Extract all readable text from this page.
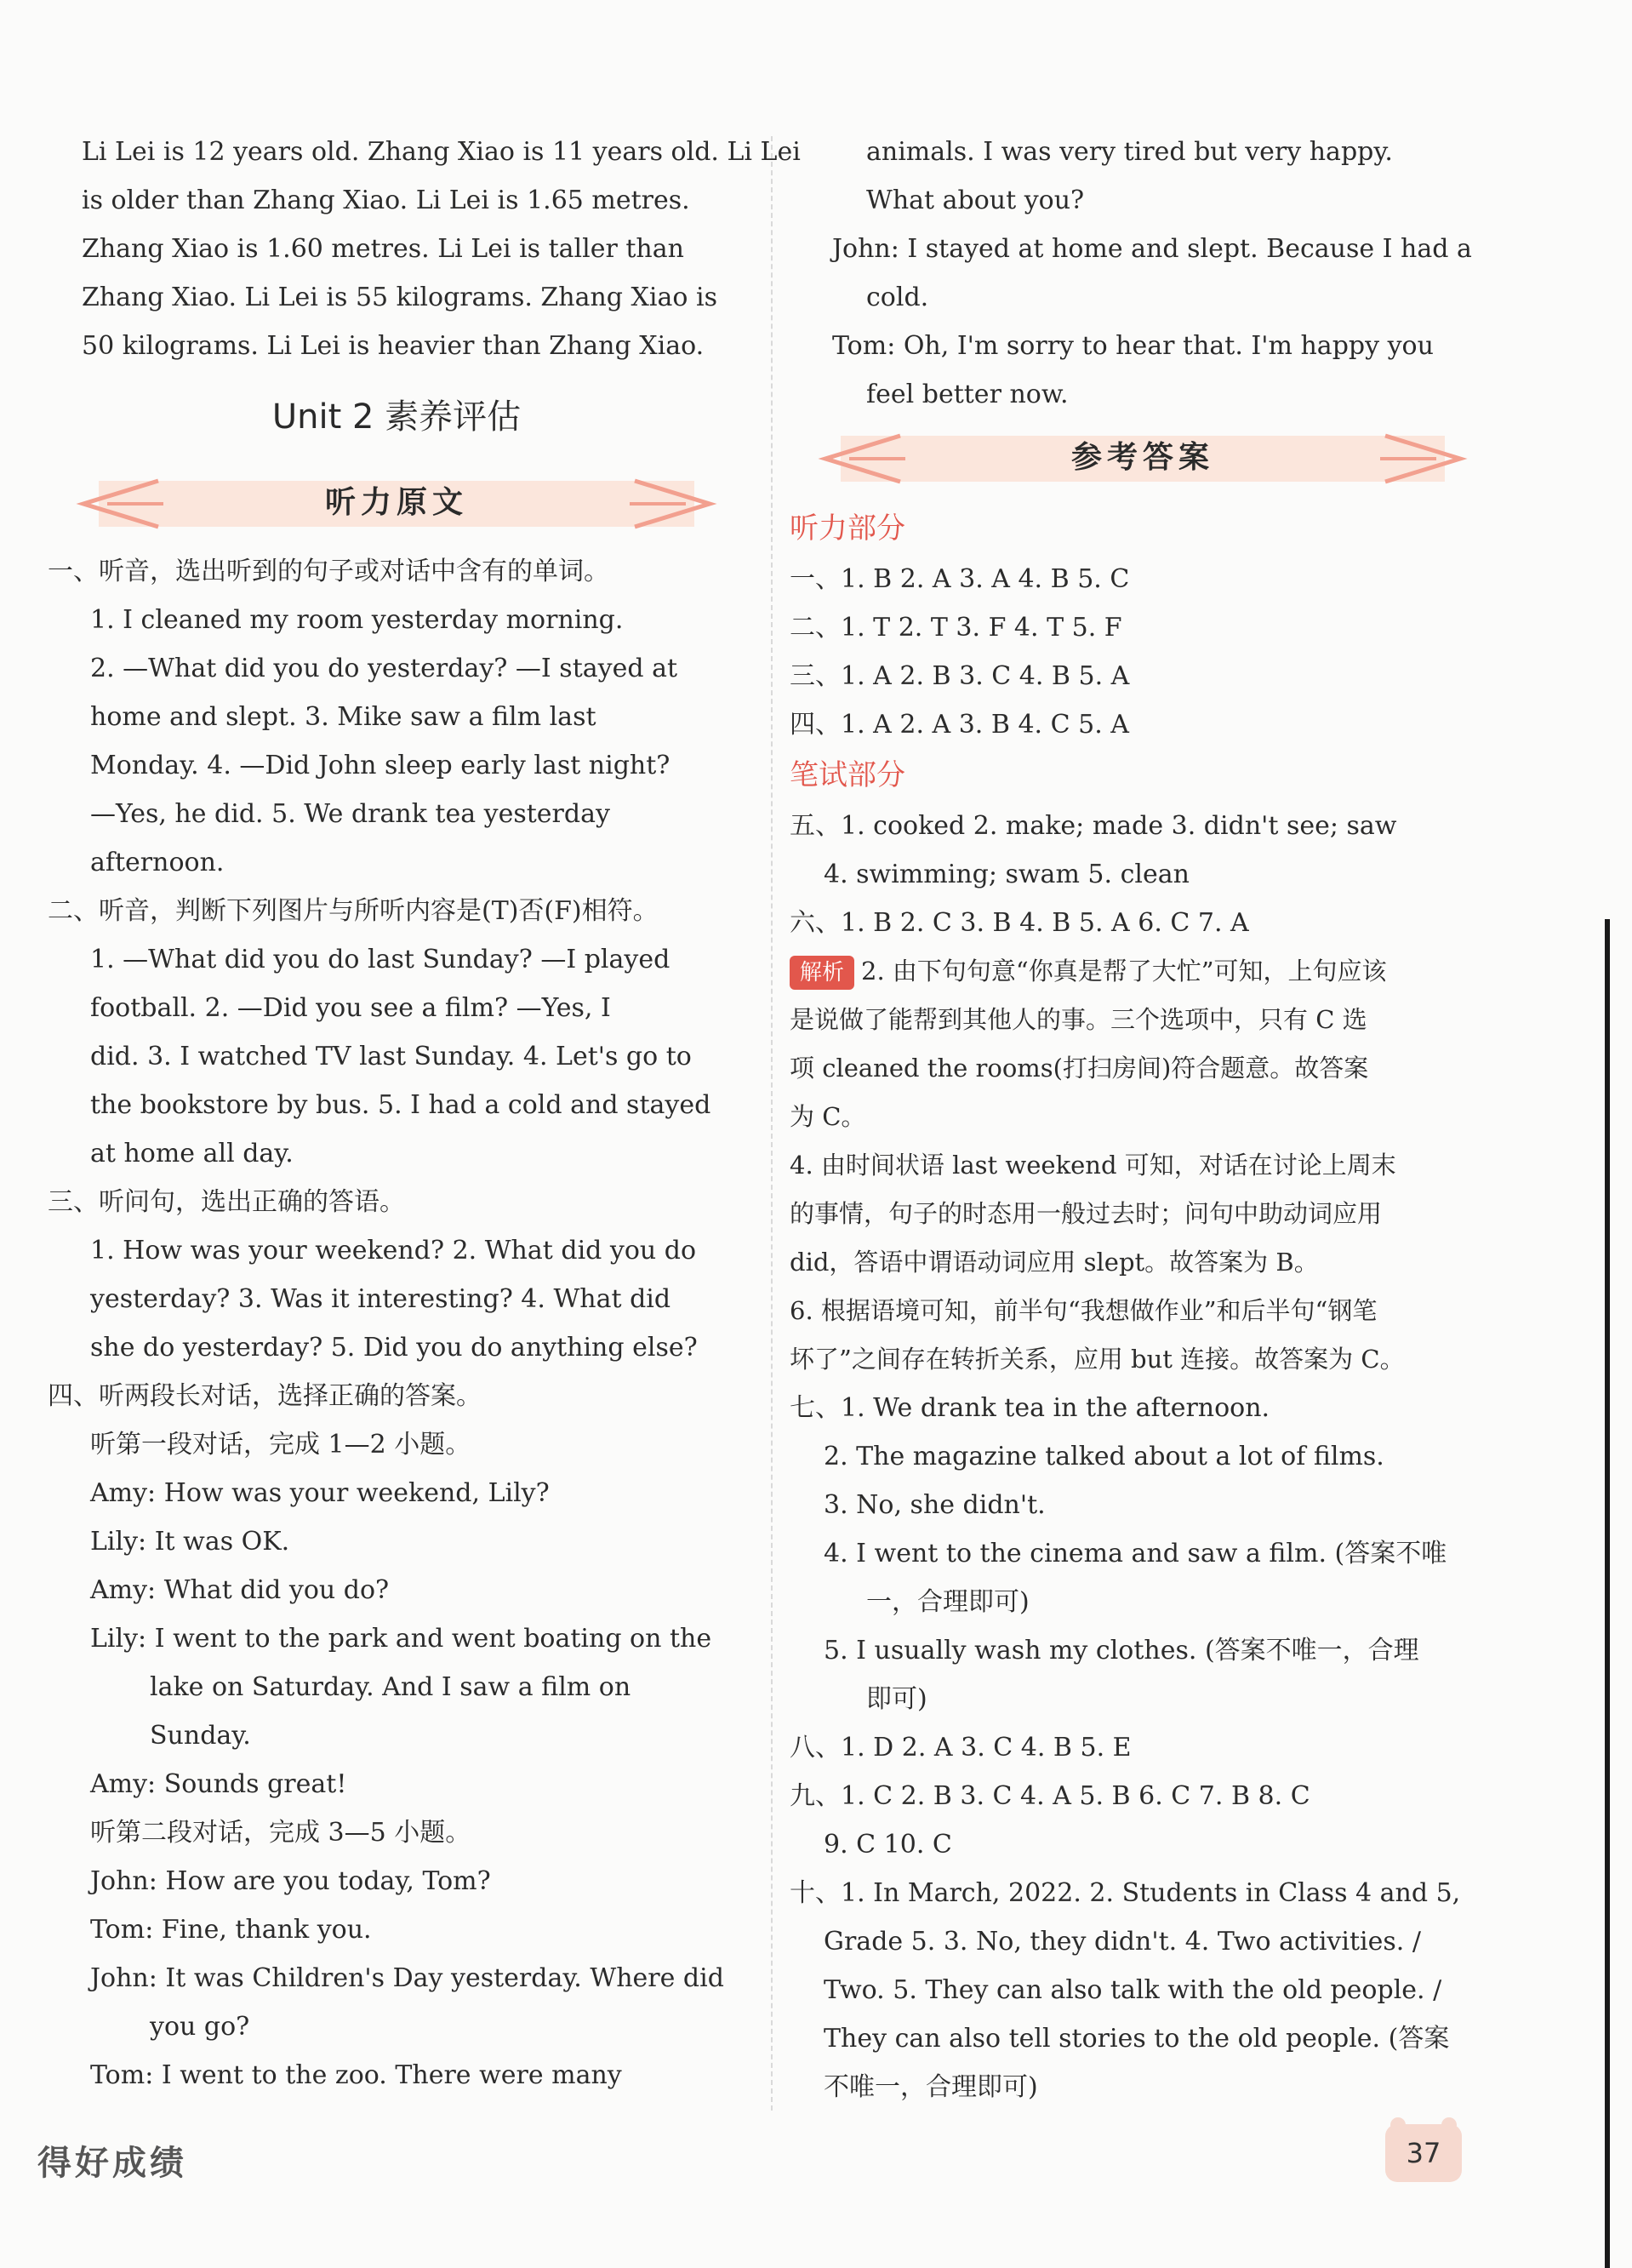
Li Lei is 12 years old. Zhang Xiao is 11 years old. Li Lei
is older than Zhang Xiao. Li Lei is 1.65 metres.
Zhang Xiao is 1.60 metres. Li Lei is taller than
Zhang Xiao. Li Lei is 55 kilograms. Zhang Xiao is
50 kilograms. Li Lei is heavier than Zhang Xiao.
Unit 2 素养评估
听力原文
一、听音，选出听到的句子或对话中含有的单词。
1. I cleaned my room yesterday morning.
2. —What did you do yesterday? —I stayed at
home and slept. 3. Mike saw a film last
Monday. 4. —Did John sleep early last night?
—Yes, he did. 5. We drank tea yesterday
afternoon.
二、听音，判断下列图片与所听内容是(T)否(F)相符。
1. —What did you do last Sunday? —I played
football. 2. —Did you see a film? —Yes, I
did. 3. I watched TV last Sunday. 4. Let's go to
the bookstore by bus. 5. I had a cold and stayed
at home all day.
三、听问句，选出正确的答语。
1. How was your weekend? 2. What did you do
yesterday? 3. Was it interesting? 4. What did
she do yesterday? 5. Did you do anything else?
四、听两段长对话，选择正确的答案。
听第一段对话，完成 1—2 小题。
Amy: How was your weekend, Lily?
Lily: It was OK.
Amy: What did you do?
Lily: I went to the park and went boating on the
lake on Saturday. And I saw a film on
Sunday.
Amy: Sounds great!
听第二段对话，完成 3—5 小题。
John: How are you today, Tom?
Tom: Fine, thank you.
John: It was Children's Day yesterday. Where did
you go?
Tom: I went to the zoo. There were many
animals. I was very tired but very happy.
What about you?
John: I stayed at home and slept. Because I had a
cold.
Tom: Oh, I'm sorry to hear that. I'm happy you
feel better now.
参考答案
听力部分
一、1. B 2. A 3. A 4. B 5. C
二、1. T 2. T 3. F 4. T 5. F
三、1. A 2. B 3. C 4. B 5. A
四、1. A 2. A 3. B 4. C 5. A
笔试部分
五、1. cooked 2. make; made 3. didn't see; saw
4. swimming; swam 5. clean
六、1. B 2. C 3. B 4. B 5. A 6. C 7. A
解析 2. 由下句句意“你真是帮了大忙”可知，上句应该
是说做了能帮到其他人的事。三个选项中，只有 C 选
项 cleaned the rooms(打扫房间)符合题意。故答案
为 C。
4. 由时间状语 last weekend 可知，对话在讨论上周末
的事情，句子的时态用一般过去时；问句中助动词应用
did，答语中谓语动词应用 slept。故答案为 B。
6. 根据语境可知，前半句“我想做作业”和后半句“钢笔
坏了”之间存在转折关系，应用 but 连接。故答案为 C。
七、1. We drank tea in the afternoon.
2. The magazine talked about a lot of films.
3. No, she didn't.
4. I went to the cinema and saw a film. (答案不唯
一，合理即可)
5. I usually wash my clothes. (答案不唯一，合理
即可)
八、1. D 2. A 3. C 4. B 5. E
九、1. C 2. B 3. C 4. A 5. B 6. C 7. B 8. C
9. C 10. C
十、1. In March, 2022. 2. Students in Class 4 and 5,
Grade 5. 3. No, they didn't. 4. Two activities. /
Two. 5. They can also talk with the old people. /
They can also tell stories to the old people. (答案
不唯一，合理即可)
得好成绩	37
